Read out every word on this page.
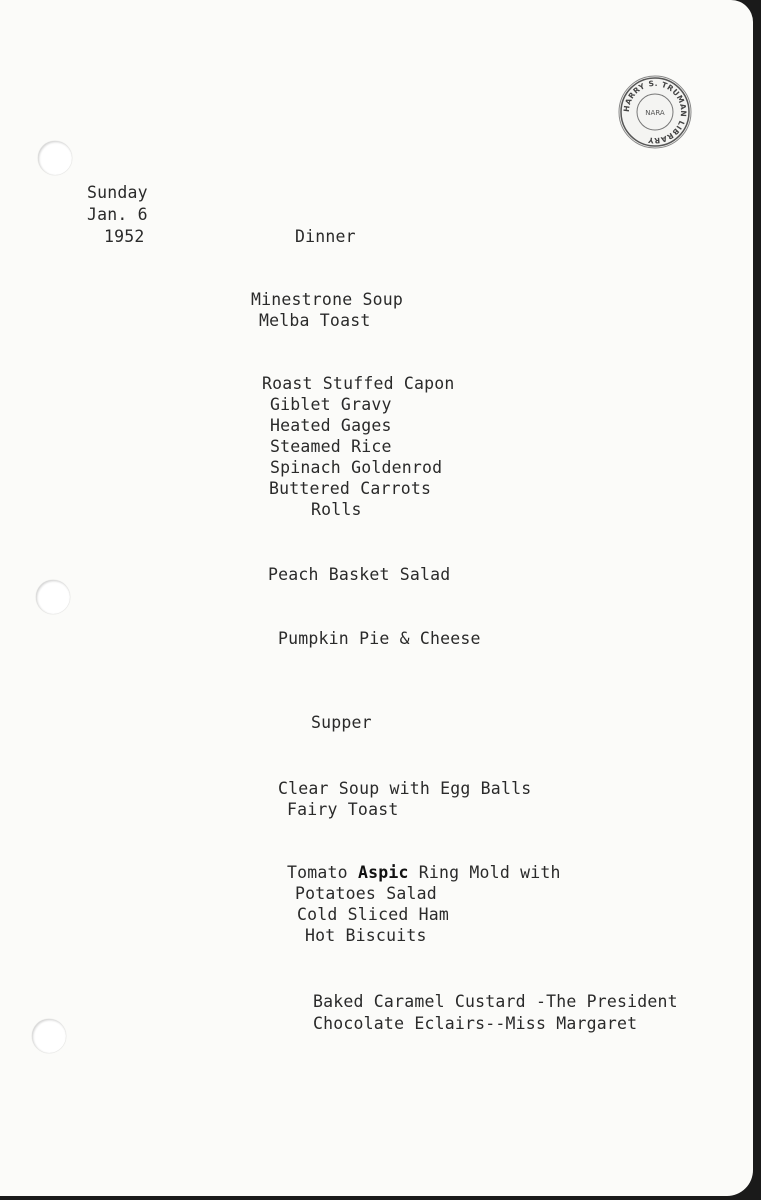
HARRY S. TRUMAN LIBRARY
NARA
Sunday
Jan. 6
1952	Dinner
Minestrone Soup
Melba Toast
Roast Stuffed Capon
Giblet Gravy
Heated Gages
Steamed Rice
Spinach Goldenrod
Buttered Carrots
Rolls
Peach Basket Salad
Pumpkin Pie & Cheese
Supper
Clear Soup with Egg Balls
Fairy Toast
Tomato Aspic Ring Mold with
Potatoes Salad
Cold Sliced Ham
Hot Biscuits
Baked Caramel Custard -The President
Chocolate Eclairs--Miss Margaret
